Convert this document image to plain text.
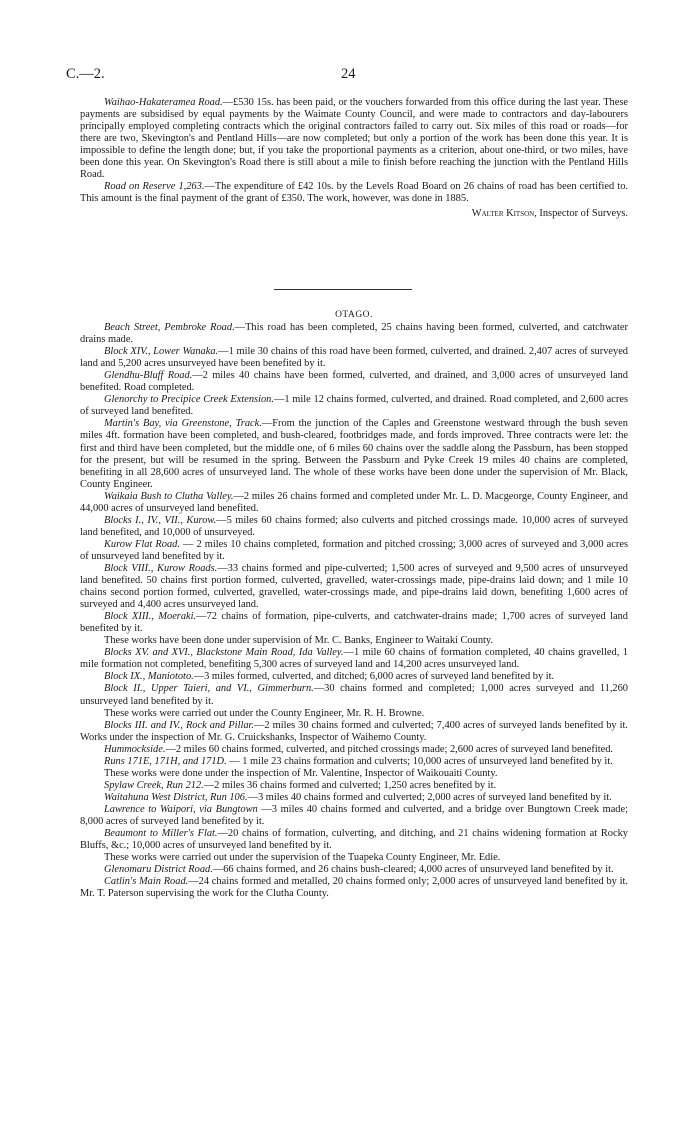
C.—2.	24

Waihao-Hakateramea Road.—£530 15s. has been paid, or the vouchers forwarded from this office during the last year. These payments are subsidised by equal payments by the Waimate County Council, and were made to contractors and day-labourers principally employed completing contracts which the original contractors failed to carry out. Six miles of this road or roads—for there are two, Skevington's and Pentland Hills—are now completed; but only a portion of the work has been done this year. It is impossible to define the length done; but, if you take the proportional payments as a criterion, about one-third, or two miles, have been done this year. On Skevington's Road there is still about a mile to finish before reaching the junction with the Pentland Hills Road.

Road on Reserve 1,263.—The expenditure of £42 10s. by the Levels Road Board on 26 chains of road has been certified to. This amount is the final payment of the grant of £350. The work, however, was done in 1885.

Walter Kitson, Inspector of Surveys.

OTAGO.

Beach Street, Pembroke Road.—This road has been completed, 25 chains having been formed, culverted, and catchwater drains made.

Block XIV., Lower Wanaka.—1 mile 30 chains of this road have been formed, culverted, and drained. 2,407 acres of surveyed land and 5,200 acres unsurveyed have been benefited by it.

Glendhu-Bluff Road.—2 miles 40 chains have been formed, culverted, and drained, and 3,000 acres of unsurveyed land benefited. Road completed.

Glenorchy to Precipice Creek Extension.—1 mile 12 chains formed, culverted, and drained. Road completed, and 2,600 acres of surveyed land benefited.

Martin's Bay, via Greenstone, Track.—From the junction of the Caples and Greenstone westward through the bush seven miles 4ft. formation have been completed, and bush-cleared, footbridges made, and fords improved. Three contracts were let: the first and third have been completed, but the middle one, of 6 miles 60 chains over the saddle along the Passburn, has been stopped for the present, but will be resumed in the spring. Between the Passburn and Pyke Creek 19 miles 40 chains are completed, benefiting in all 28,600 acres of unsurveyed land. The whole of these works have been done under the supervision of Mr. Black, County Engineer.

Waikaia Bush to Clutha Valley.—2 miles 26 chains formed and completed under Mr. L. D. Macgeorge, County Engineer, and 44,000 acres of unsurveyed land benefited.

Blocks I., IV., VII., Kurow.—5 miles 60 chains formed; also culverts and pitched crossings made. 10,000 acres of surveyed land benefited, and 10,000 of unsurveyed.

Kurow Flat Road. — 2 miles 10 chains completed, formation and pitched crossing; 3,000 acres of surveyed and 3,000 acres of unsurveyed land benefited by it.

Block VIII., Kurow Roads.—33 chains formed and pipe-culverted; 1,500 acres of surveyed and 9,500 acres of unsurveyed land benefited. 50 chains first portion formed, culverted, gravelled, water-crossings made, pipe-drains laid down; and 1 mile 10 chains second portion formed, culverted, gravelled, water-crossings made, and pipe-drains laid down, benefiting 1,600 acres of surveyed and 4,400 acres unsurveyed land.

Block XIII., Moeraki.—72 chains of formation, pipe-culverts, and catchwater-drains made; 1,700 acres of surveyed land benefited by it.

These works have been done under supervision of Mr. C. Banks, Engineer to Waitaki County.

Blocks XV. and XVI., Blackstone Main Road, Ida Valley.—1 mile 60 chains of formation completed, 40 chains gravelled, 1 mile formation not completed, benefiting 5,300 acres of surveyed land and 14,200 acres unsurveyed land.

Block IX., Maniototo.—3 miles formed, culverted, and ditched; 6,000 acres of surveyed land benefited by it.

Block II., Upper Taieri, and VI., Gimmerburn.—30 chains formed and completed; 1,000 acres surveyed and 11,260 unsurveyed land benefited by it.

These works were carried out under the County Engineer, Mr. R. H. Browne.

Blocks III. and IV., Rock and Pillar.—2 miles 30 chains formed and culverted; 7,400 acres of surveyed lands benefited by it. Works under the inspection of Mr. G. Cruickshanks, Inspector of Waihemo County.

Hummockside.—2 miles 60 chains formed, culverted, and pitched crossings made; 2,600 acres of surveyed land benefited.

Runs 171E, 171H, and 171D. — 1 mile 23 chains formation and culverts; 10,000 acres of unsurveyed land benefited by it.

These works were done under the inspection of Mr. Valentine, Inspector of Waikouaiti County.

Spylaw Creek, Run 212.—2 miles 36 chains formed and culverted; 1,250 acres benefited by it.

Waitahuna West District, Run 106.—3 miles 40 chains formed and culverted; 2,000 acres of surveyed land benefited by it.

Lawrence to Waipori, via Bungtown —3 miles 40 chains formed and culverted, and a bridge over Bungtown Creek made; 8,000 acres of surveyed land benefited by it.

Beaumont to Miller's Flat.—20 chains of formation, culverting, and ditching, and 21 chains widening formation at Rocky Bluffs, &c.; 10,000 acres of unsurveyed land benefited by it.

These works were carried out under the supervision of the Tuapeka County Engineer, Mr. Edie.

Glenomaru District Road.—66 chains formed, and 26 chains bush-cleared; 4,000 acres of unsurveyed land benefited by it.

Catlin's Main Road.—24 chains formed and metalled, 20 chains formed only; 2,000 acres of unsurveyed land benefited by it. Mr. T. Paterson supervising the work for the Clutha County.
